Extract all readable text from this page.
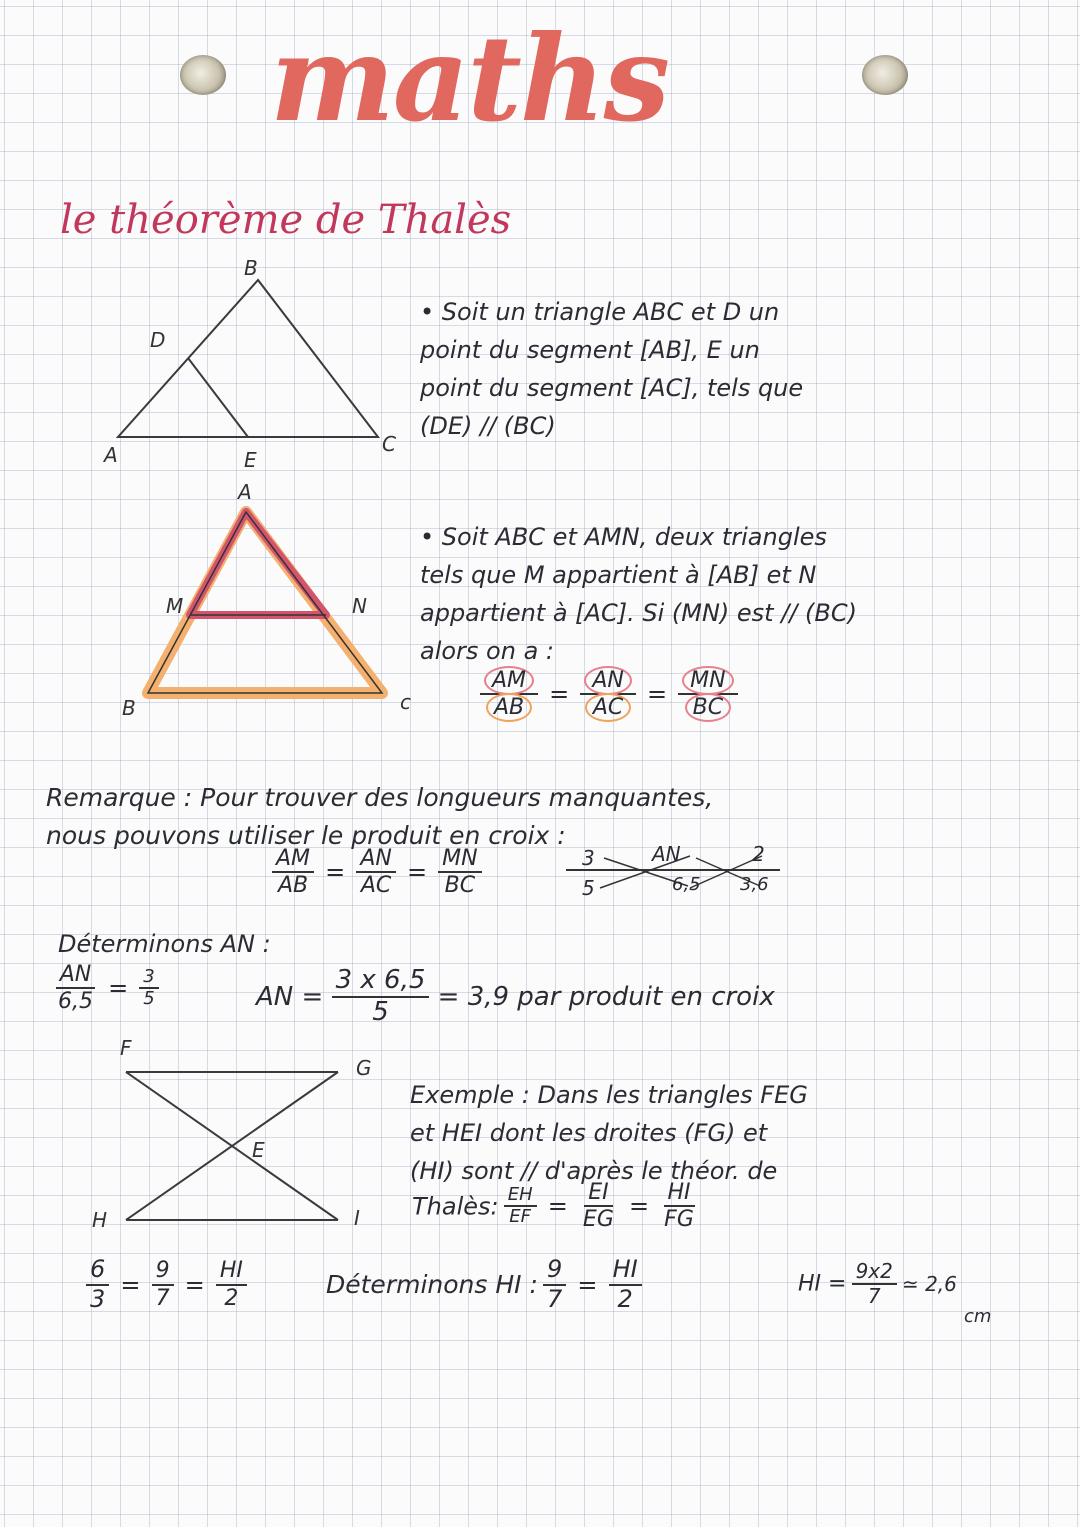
maths
le théorème de Thalès
B
D
A	E
C
A
M	N
B	c
• Soit un triangle ABC et D un
point du segment [AB], E un
point du segment [AC], tels que
(DE) // (BC)
• Soit ABC et AMN, deux triangles
tels que M appartient à [AB] et N
appartient à [AC]. Si (MN) est // (BC)
alors on a :
$\frac{AM}{AB} = \frac{AN}{AC} = \frac{MN}{BC}$
Remarque : Pour trouver des longueurs manquantes,
nous pouvons utiliser le produit en croix :
$\frac{AM}{AB} = \frac{AN}{AC} = \frac{MN}{BC}$	3	AN	2
5	6,5 3,6
Déterminons AN :
$\frac{AN}{6,5} = \frac{3}{5}$	AN = $\frac{3 x 6,5}{5} = 3,9$ par produit en croix
F
G
E
H	I
Exemple : Dans les triangles FEG
et HEI dont les droites (FG) et
(HI) sont // d'après le théor. de
Thalès: $\frac{EH}{EF} = \frac{EI}{EG} = \frac{HI}{FG}$
$\frac{6}{3} = \frac{9}{7} = \frac{HI}{2}$	Déterminons HI : $\frac{9}{7} = \frac{HI}{2}$	HI = $\frac{9x2}{7}$ ≃ 2,6
cm
